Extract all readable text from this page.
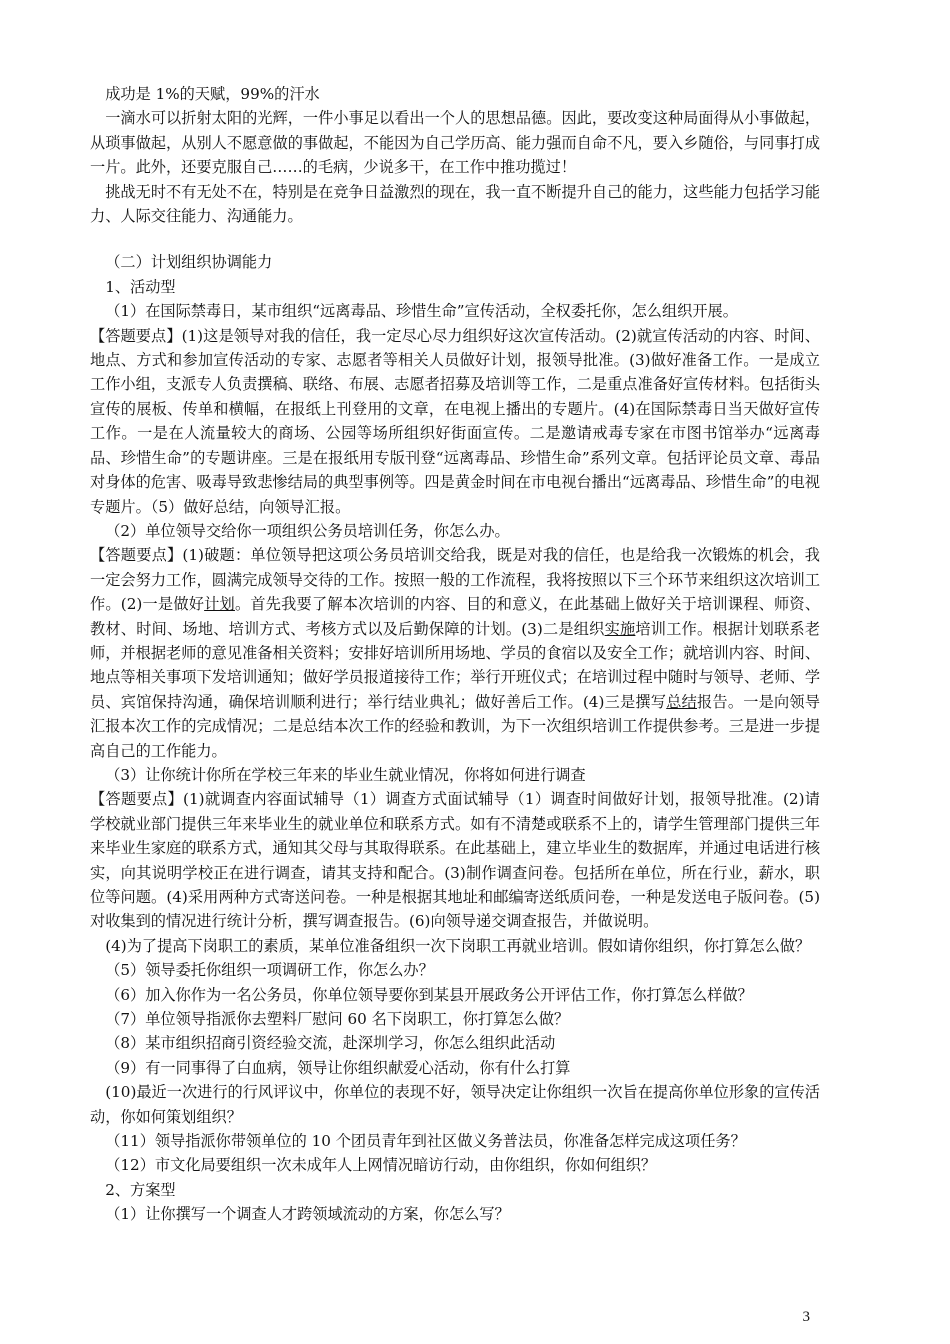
成功是 1%的天赋，99%的汗水

一滴水可以折射太阳的光辉，一件小事足以看出一个人的思想品德。因此，要改变这种局面得从小事做起，从琐事做起，从别人不愿意做的事做起，不能因为自己学历高、能力强而自命不凡，要入乡随俗，与同事打成一片。此外，还要克服自己……的毛病，少说多干，在工作中推功揽过！

挑战无时不有无处不在，特别是在竞争日益激烈的现在，我一直不断提升自己的能力，这些能力包括学习能力、人际交往能力、沟通能力。

（二）计划组织协调能力

1、活动型

（1）在国际禁毒日，某市组织“远离毒品、珍惜生命”宣传活动，全权委托你，怎么组织开展。

【答题要点】(1)这是领导对我的信任，我一定尽心尽力组织好这次宣传活动。(2)就宣传活动的内容、时间、地点、方式和参加宣传活动的专家、志愿者等相关人员做好计划，报领导批准。(3)做好准备工作。一是成立工作小组，支派专人负责撰稿、联络、布展、志愿者招募及培训等工作，二是重点准备好宣传材料。包括街头宣传的展板、传单和横幅，在报纸上刊登用的文章，在电视上播出的专题片。(4)在国际禁毒日当天做好宣传工作。一是在人流量较大的商场、公园等场所组织好街面宣传。二是邀请戒毒专家在市图书馆举办“远离毒品、珍惜生命”的专题讲座。三是在报纸用专版刊登“远离毒品、珍惜生命”系列文章。包括评论员文章、毒品对身体的危害、吸毒导致悲惨结局的典型事例等。四是黄金时间在市电视台播出“远离毒品、珍惜生命”的电视专题片。（5）做好总结，向领导汇报。

（2）单位领导交给你一项组织公务员培训任务，你怎么办。

【答题要点】(1)破题：单位领导把这项公务员培训交给我，既是对我的信任，也是给我一次锻炼的机会，我一定会努力工作，圆满完成领导交待的工作。按照一般的工作流程，我将按照以下三个环节来组织这次培训工作。(2)一是做好计划。首先我要了解本次培训的内容、目的和意义，在此基础上做好关于培训课程、师资、教材、时间、场地、培训方式、考核方式以及后勤保障的计划。(3)二是组织实施培训工作。根据计划联系老师，并根据老师的意见准备相关资料；安排好培训所用场地、学员的食宿以及安全工作；就培训内容、时间、地点等相关事项下发培训通知；做好学员报道接待工作；举行开班仪式；在培训过程中随时与领导、老师、学员、宾馆保持沟通，确保培训顺利进行；举行结业典礼；做好善后工作。(4)三是撰写总结报告。一是向领导汇报本次工作的完成情况；二是总结本次工作的经验和教训，为下一次组织培训工作提供参考。三是进一步提高自己的工作能力。

（3）让你统计你所在学校三年来的毕业生就业情况，你将如何进行调查

【答题要点】(1)就调查内容面试辅导（1）调查方式面试辅导（1）调查时间做好计划，报领导批准。(2)请学校就业部门提供三年来毕业生的就业单位和联系方式。如有不清楚或联系不上的，请学生管理部门提供三年来毕业生家庭的联系方式，通知其父母与其取得联系。在此基础上，建立毕业生的数据库，并通过电话进行核实，向其说明学校正在进行调查，请其支持和配合。(3)制作调查问卷。包括所在单位，所在行业，薪水，职位等问题。(4)采用两种方式寄送问卷。一种是根据其地址和邮编寄送纸质问卷，一种是发送电子版问卷。(5)对收集到的情况进行统计分析，撰写调查报告。(6)向领导递交调查报告，并做说明。

(4)为了提高下岗职工的素质，某单位准备组织一次下岗职工再就业培训。假如请你组织，你打算怎么做？

（5）领导委托你组织一项调研工作，你怎么办？

（6）加入你作为一名公务员，你单位领导要你到某县开展政务公开评估工作，你打算怎么样做？

（7）单位领导指派你去塑料厂慰问 60 名下岗职工，你打算怎么做？

（8）某市组织招商引资经验交流，赴深圳学习，你怎么组织此活动

（9）有一同事得了白血病，领导让你组织献爱心活动，你有什么打算

(10)最近一次进行的行风评议中，你单位的表现不好，领导决定让你组织一次旨在提高你单位形象的宣传活动，你如何策划组织？

（11）领导指派你带领单位的 10 个团员青年到社区做义务普法员，你准备怎样完成这项任务？

（12）市文化局要组织一次未成年人上网情况暗访行动，由你组织，你如何组织？

2、方案型

（1）让你撰写一个调查人才跨领域流动的方案，你怎么写？

3
